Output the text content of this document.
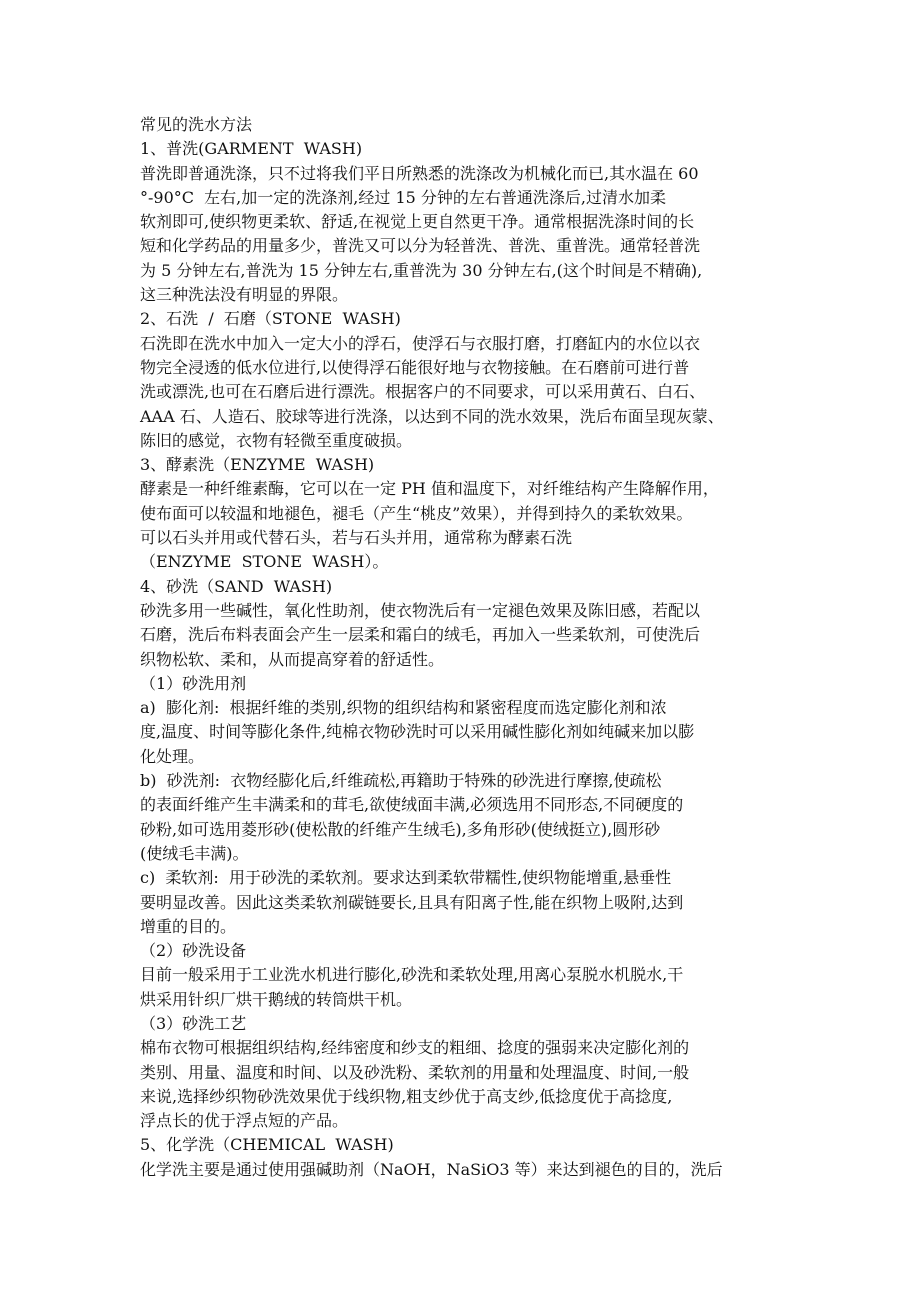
常见的洗水方法
1、普洗(GARMENT  WASH)
普洗即普通洗涤，只不过将我们平日所熟悉的洗涤改为机械化而已,其水温在 60
°-90°C  左右,加一定的洗涤剂,经过 15 分钟的左右普通洗涤后,过清水加柔
软剂即可,使织物更柔软、舒适,在视觉上更自然更干净。通常根据洗涤时间的长
短和化学药品的用量多少，普洗又可以分为轻普洗、普洗、重普洗。通常轻普洗
为 5 分钟左右,普洗为 15 分钟左右,重普洗为 30 分钟左右,(这个时间是不精确),
这三种洗法没有明显的界限。
2、石洗  /  石磨（STONE  WASH)
石洗即在洗水中加入一定大小的浮石，使浮石与衣服打磨，打磨缸内的水位以衣
物完全浸透的低水位进行,以使得浮石能很好地与衣物接触。在石磨前可进行普
洗或漂洗,也可在石磨后进行漂洗。根据客户的不同要求，可以采用黄石、白石、
AAA 石、人造石、胶球等进行洗涤，以达到不同的洗水效果，洗后布面呈现灰蒙、
陈旧的感觉，衣物有轻微至重度破损。
3、酵素洗（ENZYME  WASH)
酵素是一种纤维素酶，它可以在一定 PH 值和温度下，对纤维结构产生降解作用，
使布面可以较温和地褪色，褪毛（产生“桃皮”效果），并得到持久的柔软效果。
可以石头并用或代替石头，若与石头并用，通常称为酵素石洗
（ENZYME  STONE  WASH）。
4、砂洗（SAND  WASH)
砂洗多用一些碱性，氧化性助剂，使衣物洗后有一定褪色效果及陈旧感，若配以
石磨，洗后布料表面会产生一层柔和霜白的绒毛，再加入一些柔软剂，可使洗后
织物松软、柔和，从而提高穿着的舒适性。
（1）砂洗用剂
a)  膨化剂:  根据纤维的类别,织物的组织结构和紧密程度而选定膨化剂和浓
度,温度、时间等膨化条件,纯棉衣物砂洗时可以采用碱性膨化剂如纯碱来加以膨
化处理。
b)  砂洗剂:  衣物经膨化后,纤维疏松,再籍助于特殊的砂洗进行摩擦,使疏松
的表面纤维产生丰满柔和的茸毛,欲使绒面丰满,必须选用不同形态,不同硬度的
砂粉,如可选用菱形砂(使松散的纤维产生绒毛),多角形砂(使绒挺立),圆形砂
(使绒毛丰满)。
c)  柔软剂:  用于砂洗的柔软剂。要求达到柔软带糯性,使织物能增重,悬垂性
要明显改善。因此这类柔软剂碳链要长,且具有阳离子性,能在织物上吸附,达到
增重的目的。
（2）砂洗设备
目前一般采用于工业洗水机进行膨化,砂洗和柔软处理,用离心泵脱水机脱水,干
烘采用针织厂烘干鹅绒的转筒烘干机。
（3）砂洗工艺
棉布衣物可根据组织结构,经纬密度和纱支的粗细、捻度的强弱来决定膨化剂的
类别、用量、温度和时间、以及砂洗粉、柔软剂的用量和处理温度、时间,一般
来说,选择纱织物砂洗效果优于线织物,粗支纱优于高支纱,低捻度优于高捻度,
浮点长的优于浮点短的产品。
5、化学洗（CHEMICAL  WASH)
化学洗主要是通过使用强碱助剂（NaOH，NaSiO3 等）来达到褪色的目的，洗后
